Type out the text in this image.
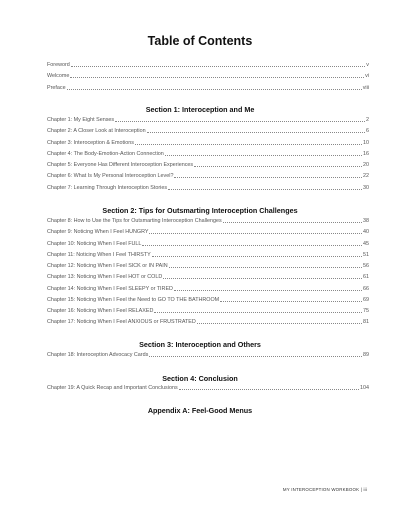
Table of Contents
Foreword	v
Welcome	vi
Preface	viii
Section 1: Interoception and Me
Chapter 1: My Eight Senses	2
Chapter 2: A Closer Look at Interoception	6
Chapter 3: Interoception & Emotions	10
Chapter 4: The Body-Emotion-Action Connection	16
Chapter 5: Everyone Has Different Interoception Experiences	20
Chapter 6: What Is My Personal Interoception Level?	22
Chapter 7: Learning Through Interoception Stories	30
Section 2: Tips for Outsmarting Interoception Challenges
Chapter 8: How to Use the Tips for Outsmarting Interoception Challenges	38
Chapter 9: Noticing When I Feel HUNGRY	40
Chapter 10: Noticing When I Feel FULL	45
Chapter 11: Noticing When I Feel THIRSTY	51
Chapter 12: Noticing When I Feel SICK or IN PAIN	56
Chapter 13: Noticing When I Feel HOT or COLD	61
Chapter 14: Noticing When I Feel SLEEPY or TIRED	66
Chapter 15: Noticing When I Feel the Need to GO TO THE BATHROOM	69
Chapter 16: Noticing When I Feel RELAXED	75
Chapter 17: Noticing When I Feel ANXIOUS or FRUSTRATED	81
Section 3: Interoception and Others
Chapter 18: Interoception Advocacy Cards	89
Section 4: Conclusion
Chapter 19: A Quick Recap and Important Conclusions	104
Appendix A: Feel-Good Menus
MY INTEROCEPTION WORKBOOK | iii
